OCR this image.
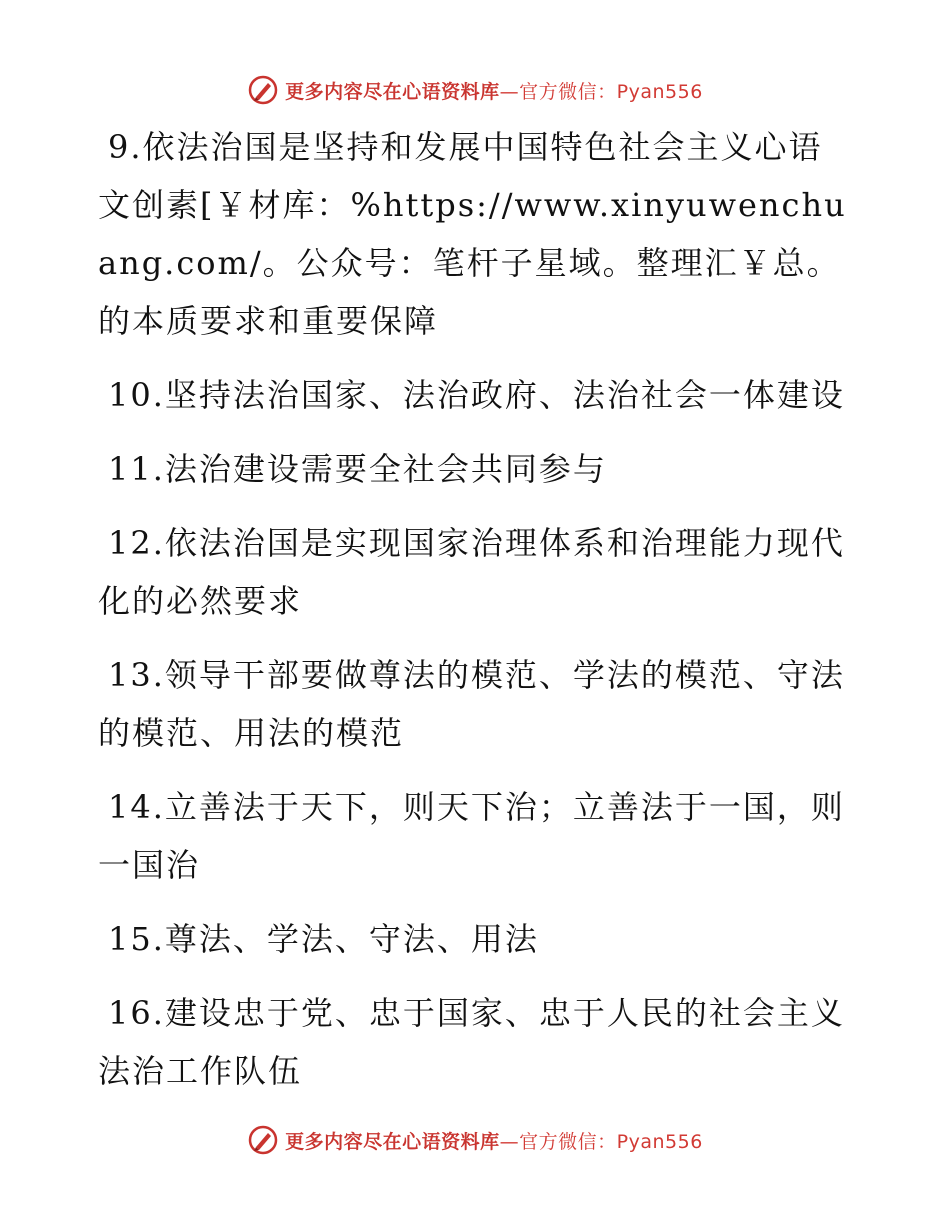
更多内容尽在心语资料库—官方微信：Pyan556

9.依法治国是坚持和发展中国特色社会主义心语文创素[￥材库：%https://www.xinyuwenchuang.com/。公众号：笔杆子星域。整理汇￥总。的本质要求和重要保障

10.坚持法治国家、法治政府、法治社会一体建设

11.法治建设需要全社会共同参与

12.依法治国是实现国家治理体系和治理能力现代化的必然要求

13.领导干部要做尊法的模范、学法的模范、守法的模范、用法的模范

14.立善法于天下，则天下治；立善法于一国，则一国治

15.尊法、学法、守法、用法

16.建设忠于党、忠于国家、忠于人民的社会主义法治工作队伍

更多内容尽在心语资料库—官方微信：Pyan556
